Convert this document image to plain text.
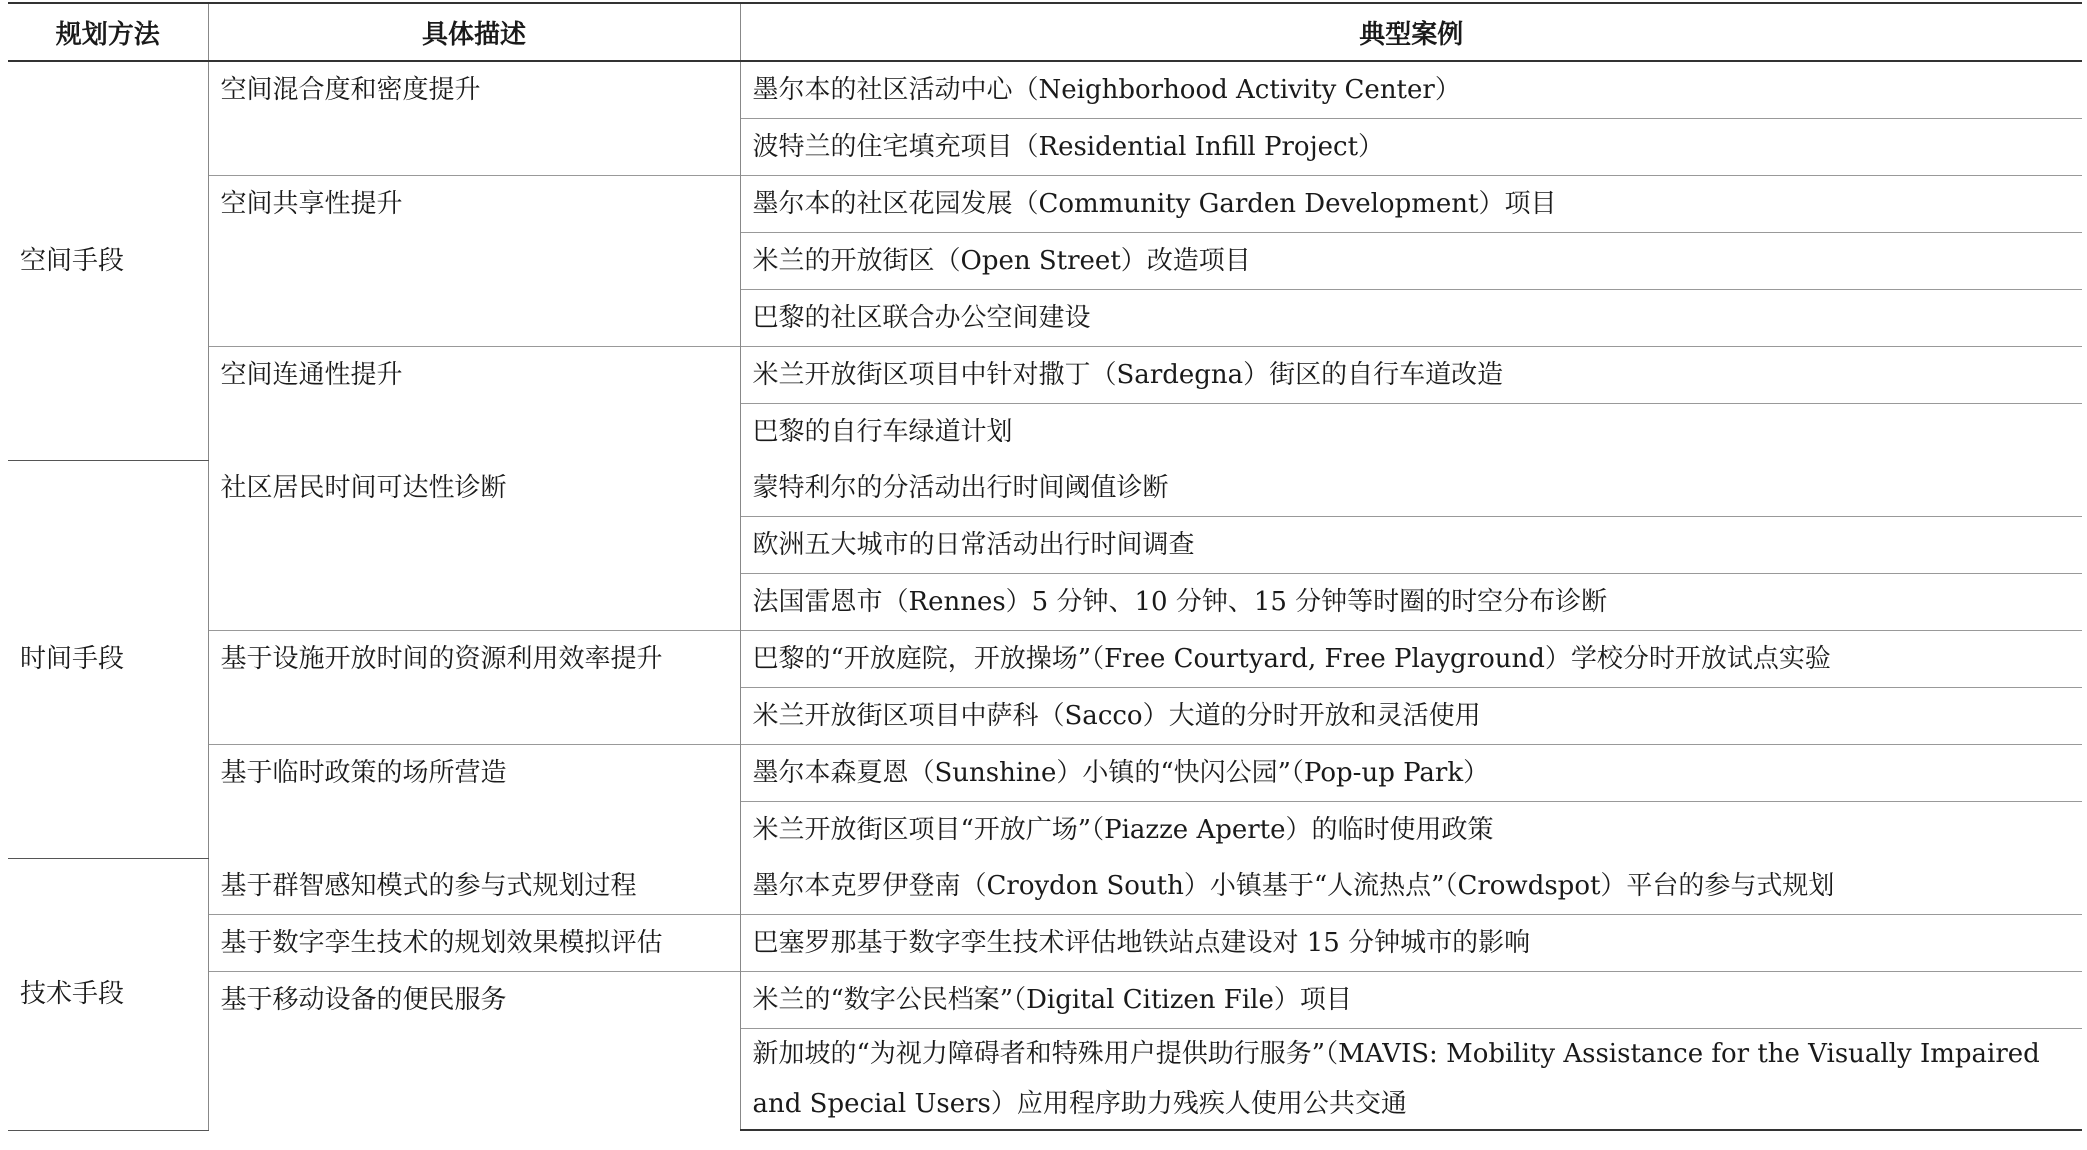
规划方法	具体描述	典型案例
空间手段	空间混合度和密度提升	墨尔本的社区活动中心（Neighborhood Activity Center）
		波特兰的住宅填充项目（Residential Infill Project）
	空间共享性提升	墨尔本的社区花园发展（Community Garden Development）项目
		米兰的开放街区（Open Street）改造项目
		巴黎的社区联合办公空间建设
	空间连通性提升	米兰开放街区项目中针对撒丁（Sardegna）街区的自行车道改造
		巴黎的自行车绿道计划
时间手段	社区居民时间可达性诊断	蒙特利尔的分活动出行时间阈值诊断
		欧洲五大城市的日常活动出行时间调查
		法国雷恩市（Rennes）5 分钟、10 分钟、15 分钟等时圈的时空分布诊断
	基于设施开放时间的资源利用效率提升	巴黎的“开放庭院，开放操场”（Free Courtyard, Free Playground）学校分时开放试点实验
		米兰开放街区项目中萨科（Sacco）大道的分时开放和灵活使用
	基于临时政策的场所营造	墨尔本森夏恩（Sunshine）小镇的“快闪公园”（Pop-up Park）
		米兰开放街区项目“开放广场”（Piazze Aperte）的临时使用政策
技术手段	基于群智感知模式的参与式规划过程	墨尔本克罗伊登南（Croydon South）小镇基于“人流热点”（Crowdspot）平台的参与式规划
	基于数字孪生技术的规划效果模拟评估	巴塞罗那基于数字孪生技术评估地铁站点建设对 15 分钟城市的影响
	基于移动设备的便民服务	米兰的“数字公民档案”（Digital Citizen File）项目
		新加坡的“为视力障碍者和特殊用户提供助行服务”（MAVIS: Mobility Assistance for the Visually Impaired and Special Users）应用程序助力残疾人使用公共交通
